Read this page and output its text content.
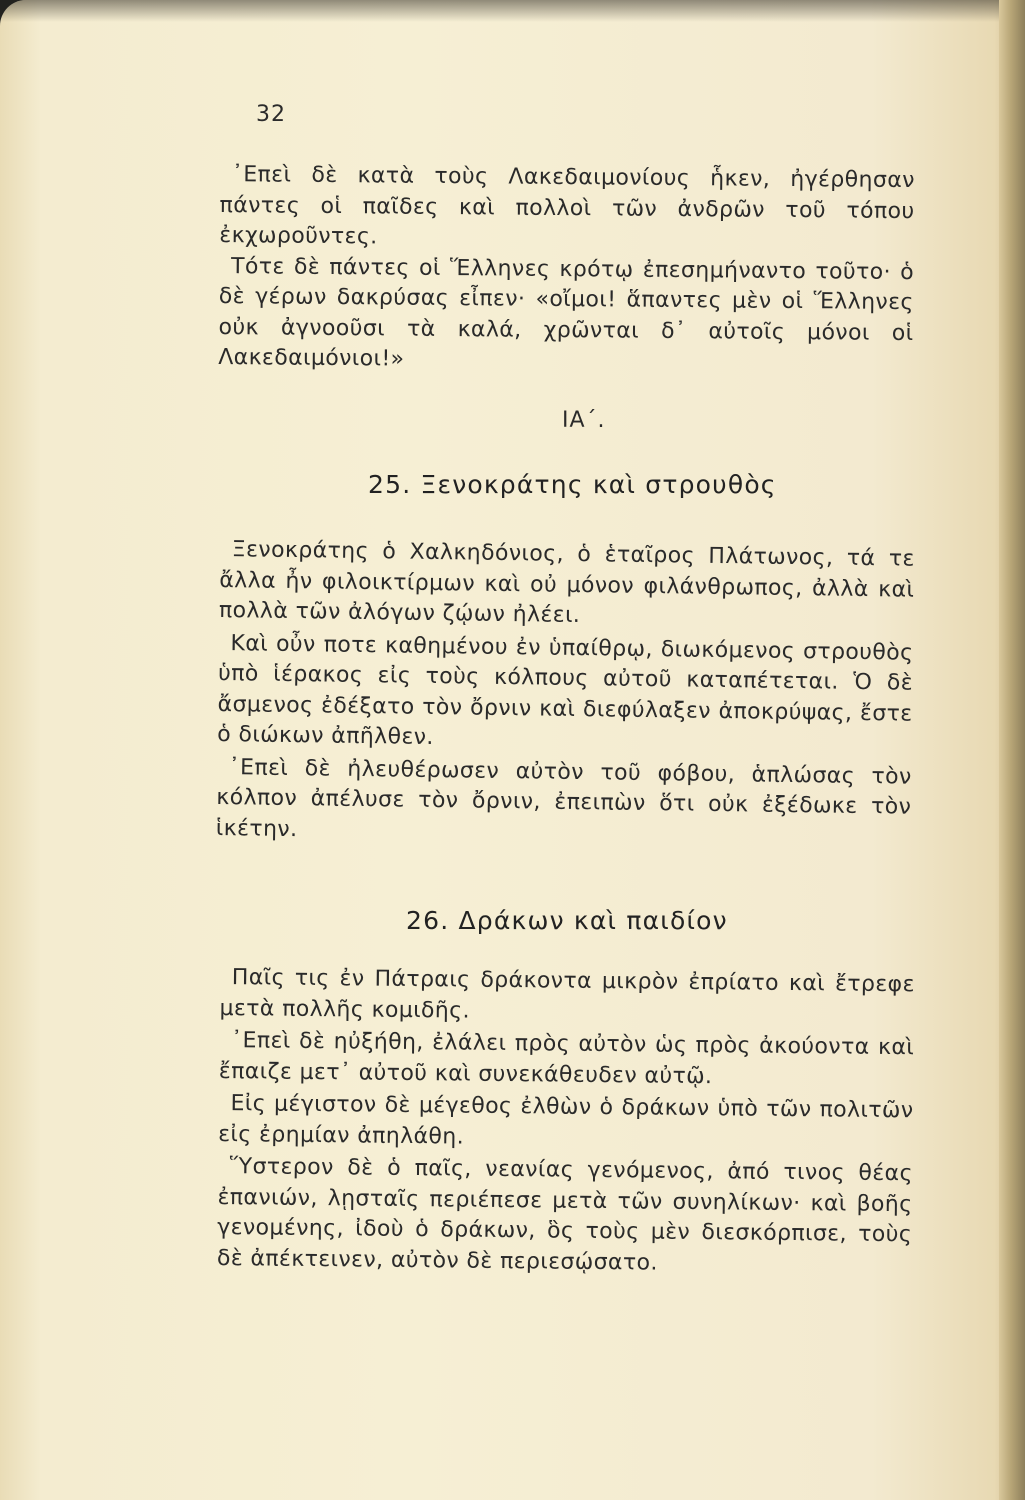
32

᾿Επεὶ δὲ κατὰ τοὺς Λακεδαιμονίους ἧκεν, ἠγέρθησαν πάντες οἱ παῖδες καὶ πολλοὶ τῶν ἀνδρῶν τοῦ τόπου ἐκχωροῦντες.

Τότε δὲ πάντες οἱ Ἕλληνες κρότῳ ἐπεσημήναντο τοῦτο· ὁ δὲ γέρων δακρύσας εἶπεν· «οἴμοι! ἅπαντες μὲν οἱ Ἕλληνες οὐκ ἀγνοοῦσι τὰ καλά, χρῶνται δ᾿ αὐτοῖς μόνοι οἱ Λακεδαιμόνιοι!»

ΙΑ΄.
25. Ξενοκράτης καὶ στρουθὸς

Ξενοκράτης ὁ Χαλκηδόνιος, ὁ ἑταῖρος Πλάτωνος, τά τε ἄλλα ἦν φιλοικτίρμων καὶ οὐ μόνον φιλάνθρωπος, ἀλλὰ καὶ πολλὰ τῶν ἀλόγων ζῴων ἠλέει.

Καὶ οὖν ποτε καθημένου ἐν ὑπαίθρῳ, διωκόμενος στρουθὸς ὑπὸ ἱέρακος εἰς τοὺς κόλπους αὐτοῦ καταπέτεται. Ὁ δὲ ἄσμενος ἐδέξατο τὸν ὄρνιν καὶ διεφύλαξεν ἀποκρύψας, ἔστε ὁ διώκων ἀπῆλθεν.

᾿Επεὶ δὲ ἠλευθέρωσεν αὐτὸν τοῦ φόβου, ἁπλώσας τὸν κόλπον ἀπέλυσε τὸν ὄρνιν, ἐπειπὼν ὅτι οὐκ ἐξέδωκε τὸν ἱκέτην.

26. Δράκων καὶ παιδίον

Παῖς τις ἐν Πάτραις δράκοντα μικρὸν ἐπρίατο καὶ ἔτρεφε μετὰ πολλῆς κομιδῆς.

᾿Επεὶ δὲ ηὐξήθη, ἐλάλει πρὸς αὐτὸν ὡς πρὸς ἀκούοντα καὶ ἔπαιζε μετ᾿ αὐτοῦ καὶ συνεκάθευδεν αὐτῷ.

Εἰς μέγιστον δὲ μέγεθος ἐλθὼν ὁ δράκων ὑπὸ τῶν πολιτῶν εἰς ἐρημίαν ἀπηλάθη.

Ὕστερον δὲ ὁ παῖς, νεανίας γενόμενος, ἀπό τινος θέας ἐπανιών, λῃσταῖς περιέπεσε μετὰ τῶν συνηλίκων· καὶ βοῆς γενομένης, ἰδοὺ ὁ δράκων, ὃς τοὺς μὲν διεσκόρπισε, τοὺς δὲ ἀπέκτεινεν, αὐτὸν δὲ περιεσῴσατο.
